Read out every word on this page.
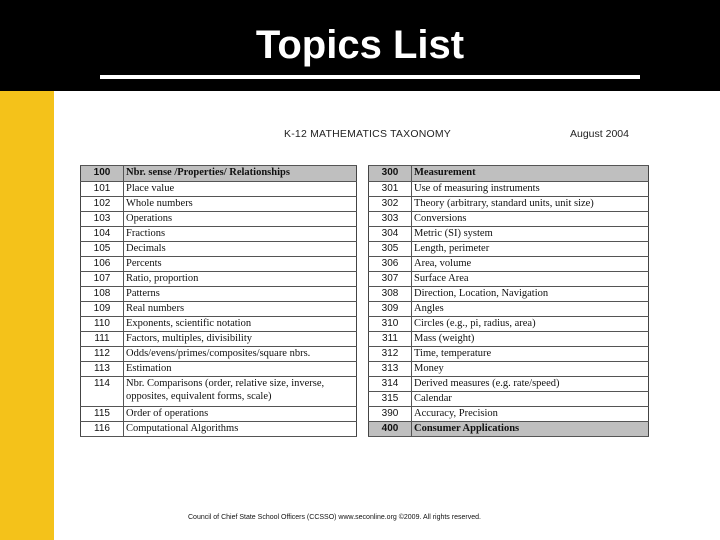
Topics List
K-12 MATHEMATICS TAXONOMY	August 2004
100	Nbr. sense /Properties/ Relationships
101	Place value
102	Whole numbers
103	Operations
104	Fractions
105	Decimals
106	Percents
107	Ratio, proportion
108	Patterns
109	Real numbers
110	Exponents, scientific notation
111	Factors, multiples, divisibility
112	Odds/evens/primes/composites/square nbrs.
113	Estimation
114	Nbr. Comparisons (order, relative size, inverse, opposites, equivalent forms, scale)
115	Order of operations
116	Computational Algorithms
300	Measurement
301	Use of measuring instruments
302	Theory (arbitrary, standard units, unit size)
303	Conversions
304	Metric (SI) system
305	Length, perimeter
306	Area, volume
307	Surface Area
308	Direction, Location, Navigation
309	Angles
310	Circles (e.g., pi, radius, area)
311	Mass (weight)
312	Time, temperature
313	Money
314	Derived measures (e.g. rate/speed)
315	Calendar
390	Accuracy, Precision
400	Consumer Applications
Council of Chief State School Officers (CCSSO) www.seconline.org ©2009. All rights reserved.
